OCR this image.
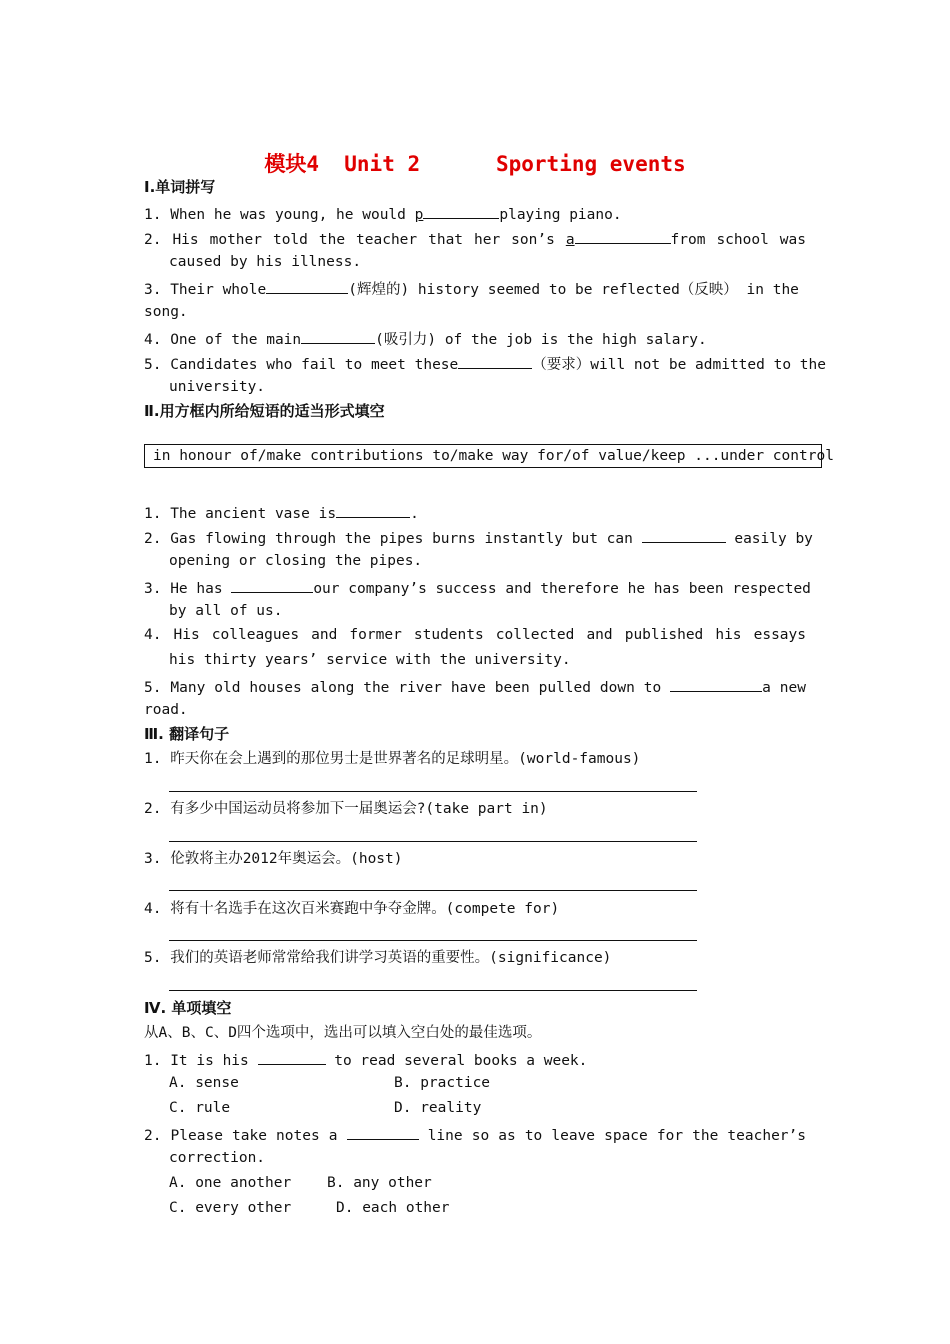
模块4  Unit 2      Sporting events
Ⅰ.单词拼写
1. When he was young, he would p	playing piano.
2. His mother told the teacher that her son’s a	from school was
caused by his illness.
3. Their whole	(辉煌的) history seemed to be reflected（反映） in the
song.
4. One of the main	(吸引力) of the job is the high salary.
5. Candidates who fail to meet these	（要求）will not be admitted to the
university.
Ⅱ.用方框内所给短语的适当形式填空
in honour of/make contributions to/make way for/of value/keep ...under control
1. The ancient vase is	.
2. Gas flowing through the pipes burns instantly but can	easily by
opening or closing the pipes.
3. He has	our company’s success and therefore he has been respected
by all of us.
4. His colleagues and former students collected and published his essays
his thirty years’ service with the university.
5. Many old houses along the river have been pulled down to	a new
road.
Ⅲ. 翻译句子
1. 昨天你在会上遇到的那位男士是世界著名的足球明星。(world-famous)
2. 有多少中国运动员将参加下一届奥运会?(take part in)
3. 伦敦将主办2012年奥运会。(host)
4. 将有十名选手在这次百米赛跑中争夺金牌。(compete for)
5. 我们的英语老师常常给我们讲学习英语的重要性。(significance)
Ⅳ. 单项填空
从A、B、C、D四个选项中，选出可以填入空白处的最佳选项。
1. It is his	to read several books a week.
A. sense	B. practice
C. rule	D. reality
2. Please take notes a	line so as to leave space for the teacher’s
correction.
A. one another B. any other
C. every other	D. each other
